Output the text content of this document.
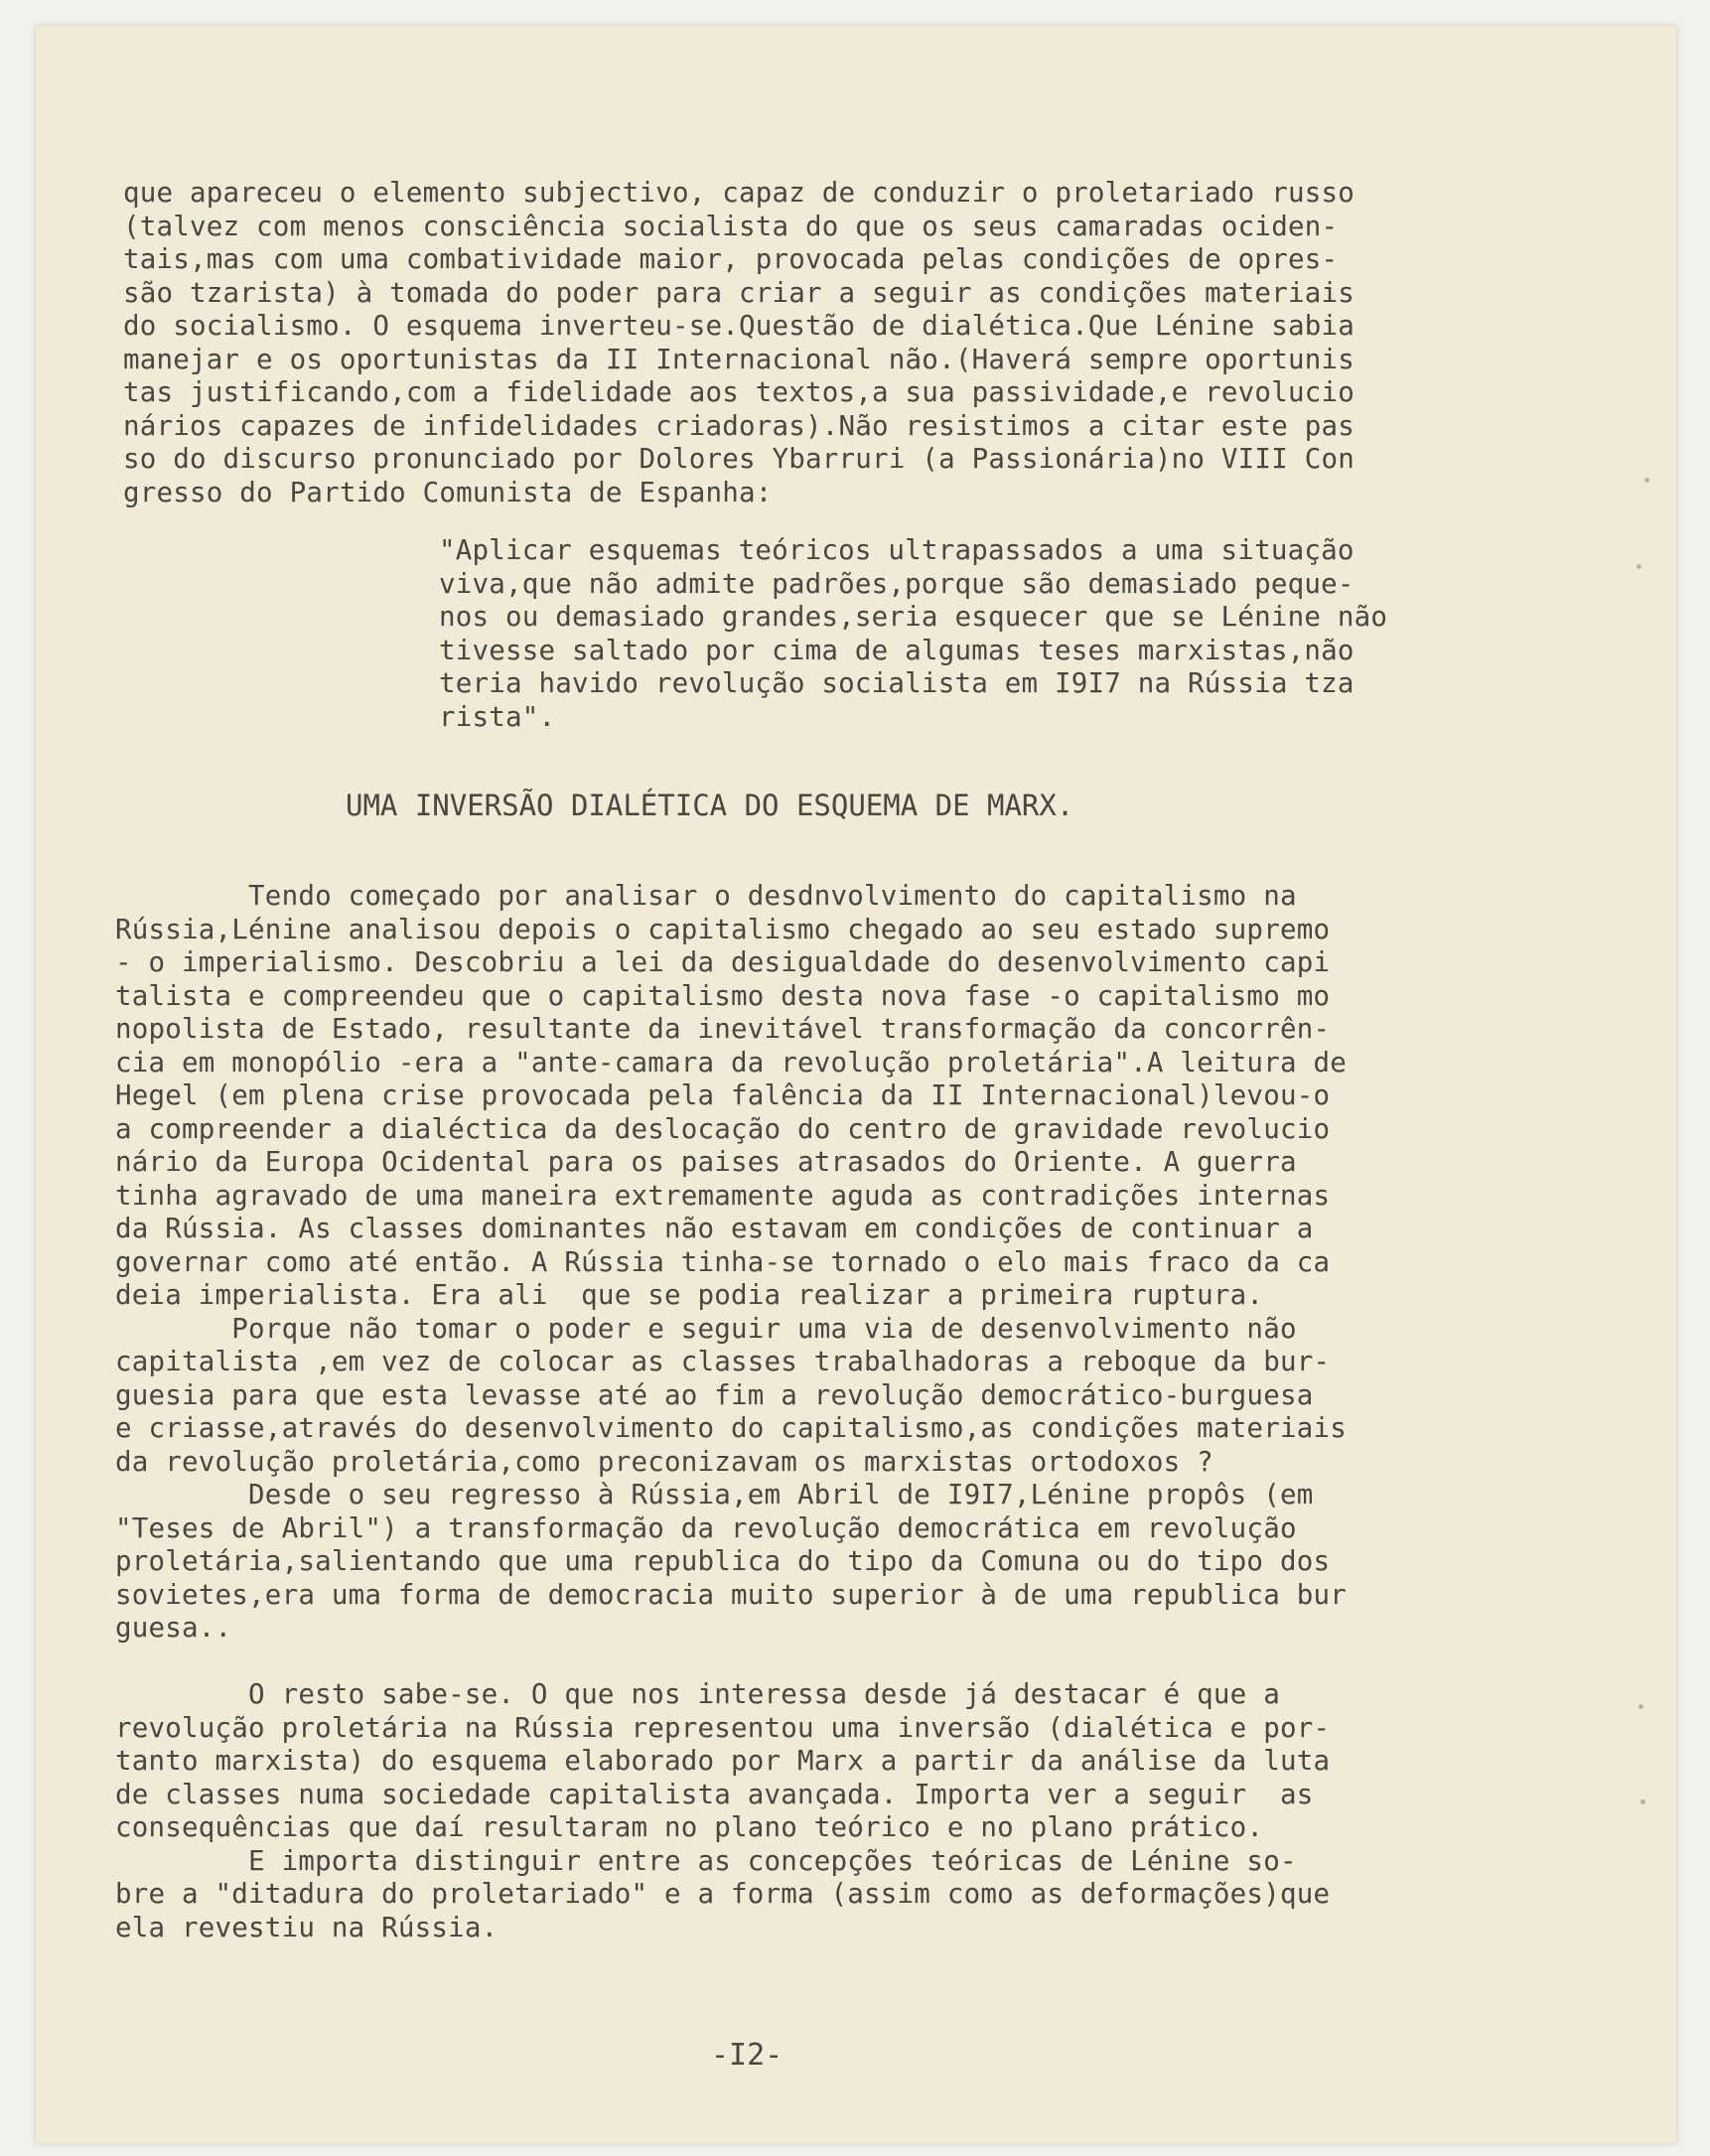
que apareceu o elemento subjectivo, capaz de conduzir o proletariado russo
(talvez com menos consciência socialista do que os seus camaradas ociden-
tais,mas com uma combatividade maior, provocada pelas condições de opres-
são tzarista) à tomada do poder para criar a seguir as condições materiais
do socialismo. O esquema inverteu-se.Questão de dialética.Que Lénine sabia
manejar e os oportunistas da II Internacional não.(Haverá sempre oportunis
tas justificando,com a fidelidade aos textos,a sua passividade,e revolucio
nários capazes de infidelidades criadoras).Não resistimos a citar este pas
so do discurso pronunciado por Dolores Ybarruri (a Passionária)no VIII Con
gresso do Partido Comunista de Espanha:
"Aplicar esquemas teóricos ultrapassados a uma situação
viva,que não admite padrões,porque são demasiado peque-
nos ou demasiado grandes,seria esquecer que se Lénine não
tivesse saltado por cima de algumas teses marxistas,não
teria havido revolução socialista em I9I7 na Rússia tza
rista".
UMA INVERSÃO DIALÉTICA DO ESQUEMA DE MARX.
Tendo começado por analisar o desdnvolvimento do capitalismo na
Rússia,Lénine analisou depois o capitalismo chegado ao seu estado supremo
- o imperialismo. Descobriu a lei da desigualdade do desenvolvimento capi
talista e compreendeu que o capitalismo desta nova fase -o capitalismo mo
nopolista de Estado, resultante da inevitável transformação da concorrên-
cia em monopólio -era a "ante-camara da revolução proletária".A leitura de
Hegel (em plena crise provocada pela falência da II Internacional)levou-o
a compreender a dialéctica da deslocação do centro de gravidade revolucio
nário da Europa Ocidental para os paises atrasados do Oriente. A guerra
tinha agravado de uma maneira extremamente aguda as contradições internas
da Rússia. As classes dominantes não estavam em condições de continuar a
governar como até então. A Rússia tinha-se tornado o elo mais fraco da ca
deia imperialista. Era ali  que se podia realizar a primeira ruptura.
Porque não tomar o poder e seguir uma via de desenvolvimento não
capitalista ,em vez de colocar as classes trabalhadoras a reboque da bur-
guesia para que esta levasse até ao fim a revolução democrático-burguesa
e criasse,através do desenvolvimento do capitalismo,as condições materiais
da revolução proletária,como preconizavam os marxistas ortodoxos ?
Desde o seu regresso à Rússia,em Abril de I9I7,Lénine propôs (em
"Teses de Abril") a transformação da revolução democrática em revolução
proletária,salientando que uma republica do tipo da Comuna ou do tipo dos
sovietes,era uma forma de democracia muito superior à de uma republica bur
guesa..
O resto sabe-se. O que nos interessa desde já destacar é que a
revolução proletária na Rússia representou uma inversão (dialética e por-
tanto marxista) do esquema elaborado por Marx a partir da análise da luta
de classes numa sociedade capitalista avançada. Importa ver a seguir  as
consequências que daí resultaram no plano teórico e no plano prático.
E importa distinguir entre as concepções teóricas de Lénine so-
bre a "ditadura do proletariado" e a forma (assim como as deformações)que
ela revestiu na Rússia.
-I2-
